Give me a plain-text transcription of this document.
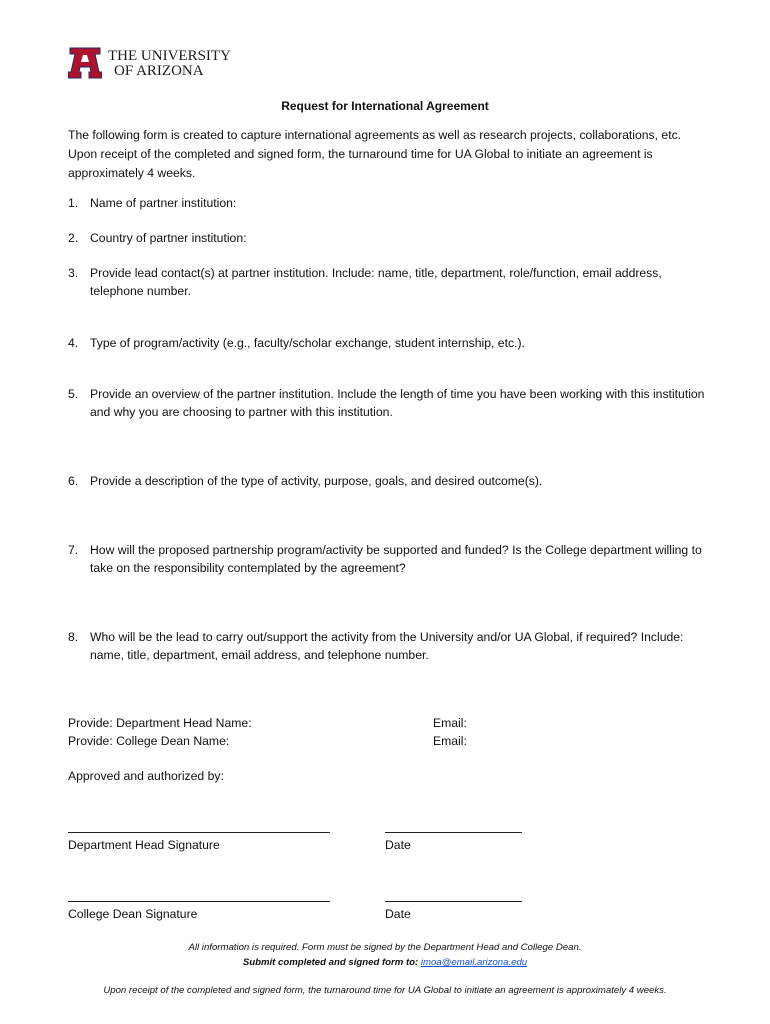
THE UNIVERSITY
OF ARIZONA
Request for International Agreement
The following form is created to capture international agreements as well as research projects, collaborations, etc. Upon receipt of the completed and signed form, the turnaround time for UA Global to initiate an agreement is approximately 4 weeks.
1. Name of partner institution:
2. Country of partner institution:
3. Provide lead contact(s) at partner institution. Include: name, title, department, role/function, email address, telephone number.
4. Type of program/activity (e.g., faculty/scholar exchange, student internship, etc.).
5. Provide an overview of the partner institution. Include the length of time you have been working with this institution and why you are choosing to partner with this institution.
6. Provide a description of the type of activity, purpose, goals, and desired outcome(s).
7. How will the proposed partnership program/activity be supported and funded? Is the College department willing to take on the responsibility contemplated by the agreement?
8. Who will be the lead to carry out/support the activity from the University and/or UA Global, if required? Include: name, title, department, email address, and telephone number.
Provide: Department Head Name:
Provide: College Dean Name:
Email:
Email:
Approved and authorized by:
Department Head Signature	Date
College Dean Signature	Date
All information is required. Form must be signed by the Department Head and College Dean.
Submit completed and signed form to: imoa@email.arizona.edu
Upon receipt of the completed and signed form, the turnaround time for UA Global to initiate an agreement is approximately 4 weeks.
